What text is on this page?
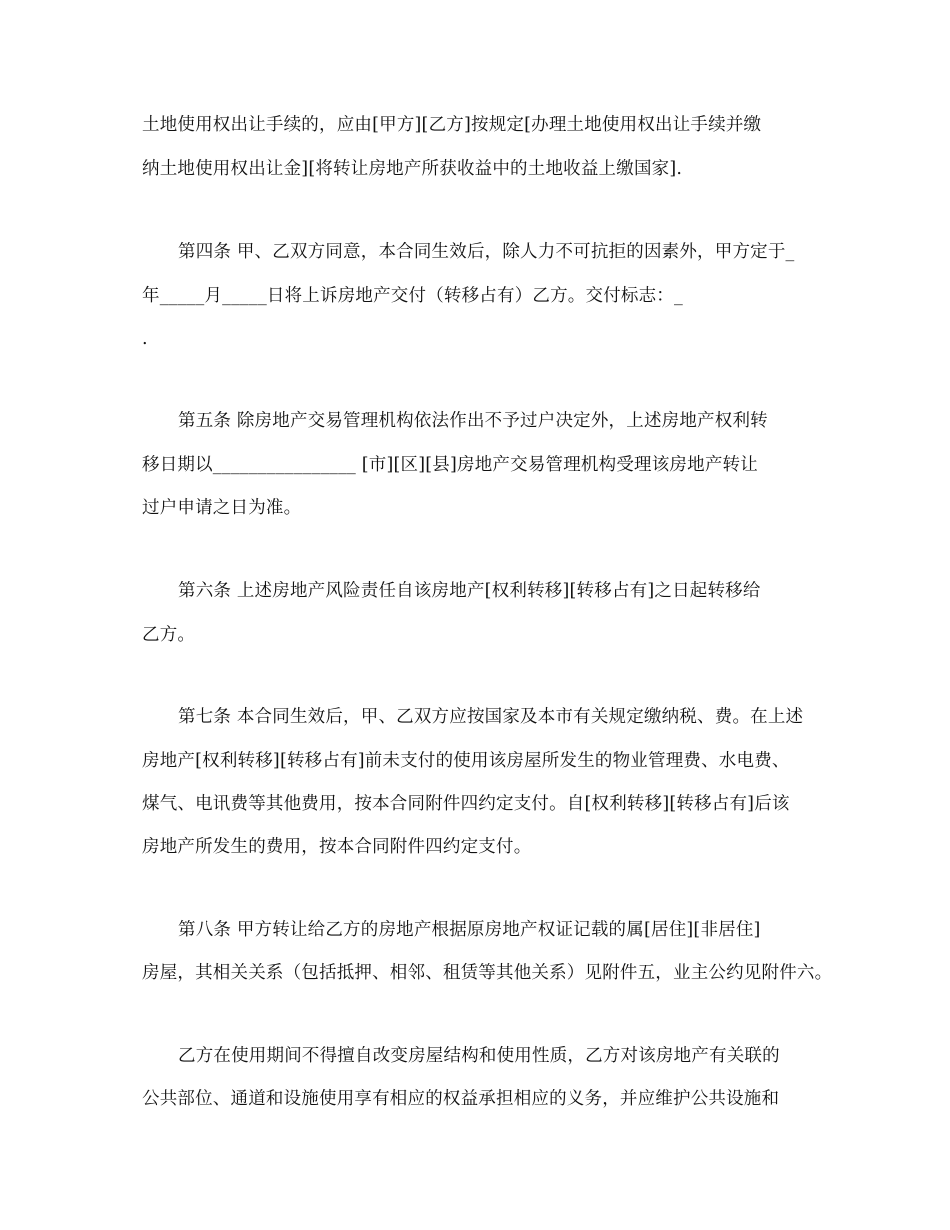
土地使用权出让手续的，应由[甲方][乙方]按规定[办理土地使用权出让手续并缴
纳土地使用权出让金][将转让房地产所获收益中的土地收益上缴国家].
第四条 甲、乙双方同意，本合同生效后，除人力不可抗拒的因素外，甲方定于_
年_____月_____日将上诉房地产交付（转移占有）乙方。交付标志：_
.
第五条 除房地产交易管理机构依法作出不予过户决定外，上述房地产权利转
移日期以________________ [市][区][县]房地产交易管理机构受理该房地产转让
过户申请之日为准。
第六条 上述房地产风险责任自该房地产[权利转移][转移占有]之日起转移给
乙方。
第七条 本合同生效后，甲、乙双方应按国家及本市有关规定缴纳税、费。在上述
房地产[权利转移][转移占有]前未支付的使用该房屋所发生的物业管理费、水电费、
煤气、电讯费等其他费用，按本合同附件四约定支付。自[权利转移][转移占有]后该
房地产所发生的费用，按本合同附件四约定支付。
第八条 甲方转让给乙方的房地产根据原房地产权证记载的属[居住][非居住]
房屋，其相关关系（包括抵押、相邻、租赁等其他关系）见附件五，业主公约见附件六。
乙方在使用期间不得擅自改变房屋结构和使用性质，乙方对该房地产有关联的
公共部位、通道和设施使用享有相应的权益承担相应的义务，并应维护公共设施和
